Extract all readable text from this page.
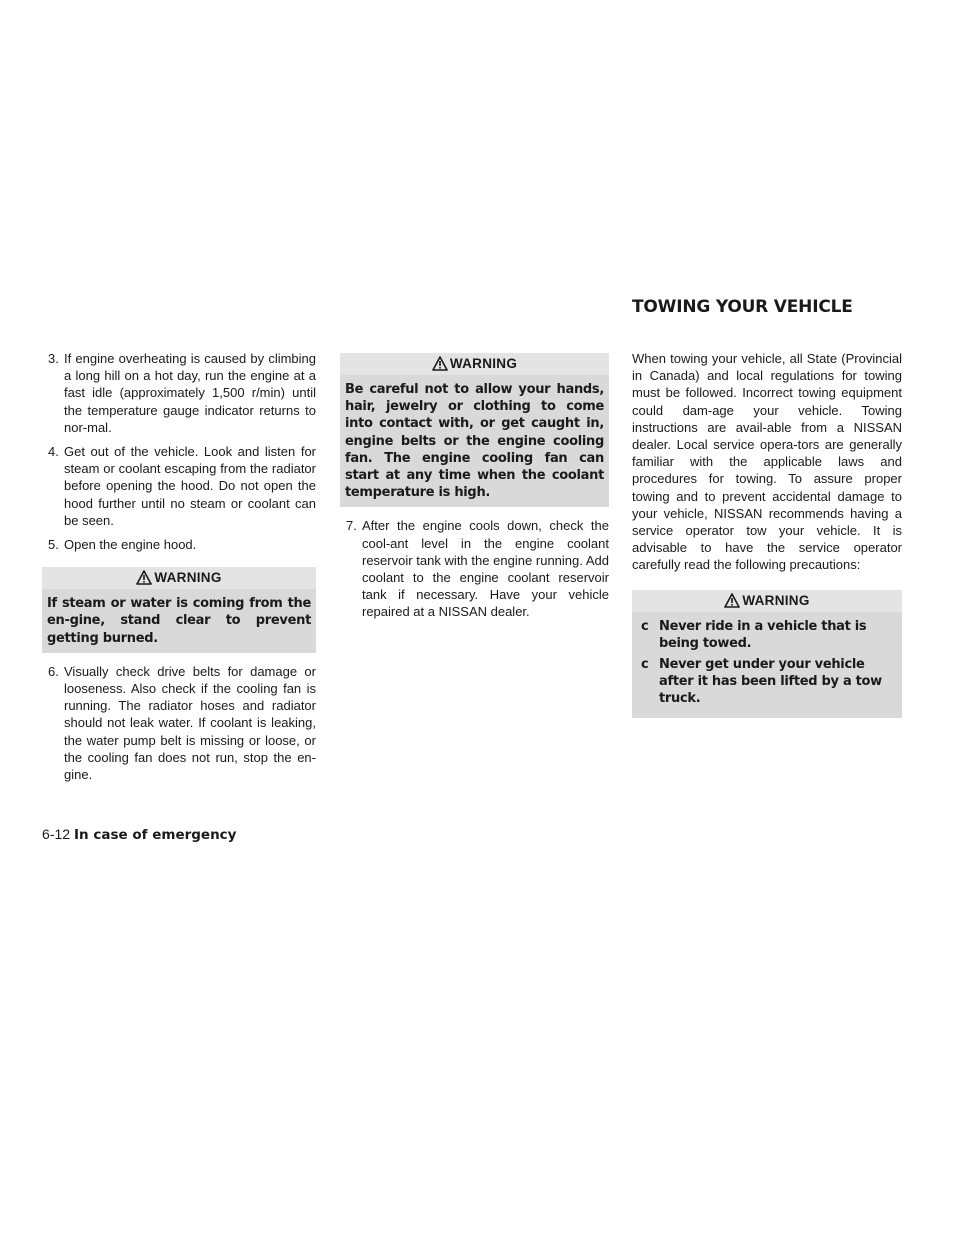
TOWING YOUR VEHICLE

3. If engine overheating is caused by climbing a long hill on a hot day, run the engine at a fast idle (approximately 1,500 r/min) until the temperature gauge indicator returns to nor-mal.

4. Get out of the vehicle. Look and listen for steam or coolant escaping from the radiator before opening the hood. Do not open the hood further until no steam or coolant can be seen.

5. Open the engine hood.

WARNING
If steam or water is coming from the en-gine, stand clear to prevent getting burned.

6. Visually check drive belts for damage or looseness. Also check if the cooling fan is running. The radiator hoses and radiator should not leak water. If coolant is leaking, the water pump belt is missing or loose, or the cooling fan does not run, stop the en-gine.

WARNING
Be careful not to allow your hands, hair, jewelry or clothing to come into contact with, or get caught in, engine belts or the engine cooling fan. The engine cooling fan can start at any time when the coolant temperature is high.

7. After the engine cools down, check the cool-ant level in the engine coolant reservoir tank with the engine running. Add coolant to the engine coolant reservoir tank if necessary. Have your vehicle repaired at a NISSAN dealer.

When towing your vehicle, all State (Provincial in Canada) and local regulations for towing must be followed. Incorrect towing equipment could dam-age your vehicle. Towing instructions are avail-able from a NISSAN dealer. Local service opera-tors are generally familiar with the applicable laws and procedures for towing. To assure proper towing and to prevent accidental damage to your vehicle, NISSAN recommends having a service operator tow your vehicle. It is advisable to have the service operator carefully read the following precautions:

WARNING

c Never ride in a vehicle that is being towed.

c Never get under your vehicle after it has been lifted by a tow truck.

6-12 In case of emergency
